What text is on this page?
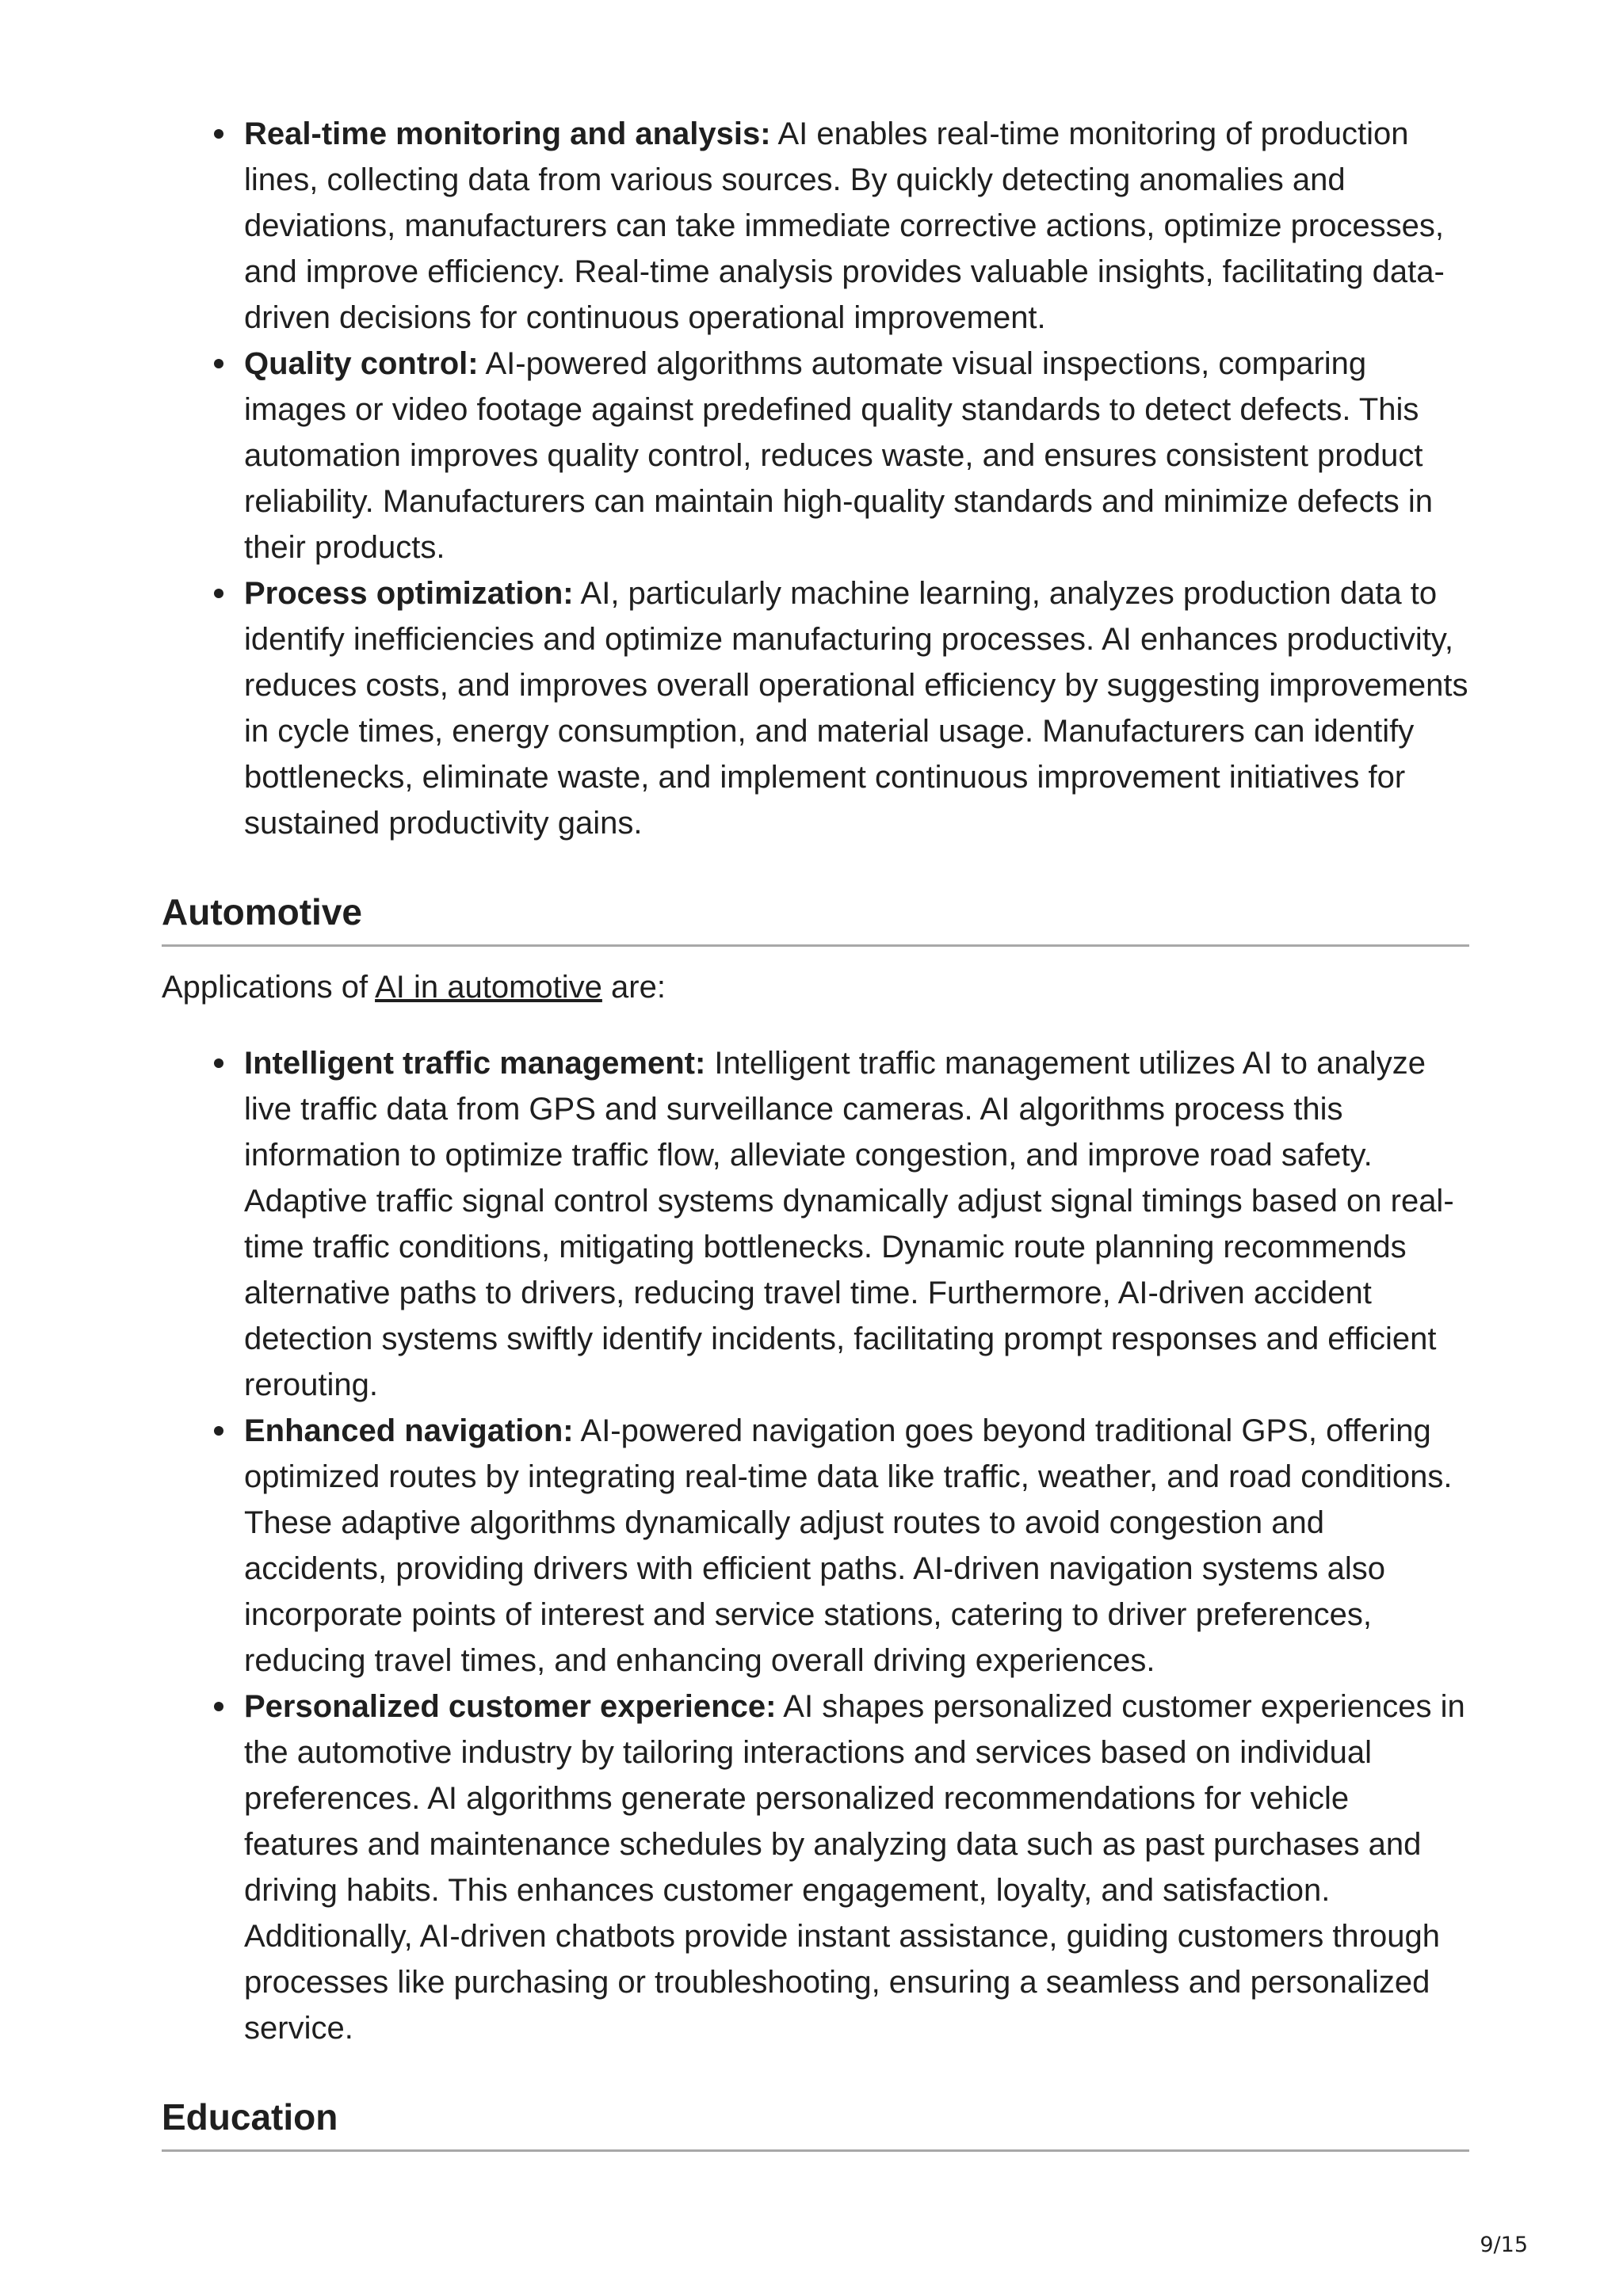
Real-time monitoring and analysis: AI enables real-time monitoring of production lines, collecting data from various sources. By quickly detecting anomalies and deviations, manufacturers can take immediate corrective actions, optimize processes, and improve efficiency. Real-time analysis provides valuable insights, facilitating data-driven decisions for continuous operational improvement.
Quality control: AI-powered algorithms automate visual inspections, comparing images or video footage against predefined quality standards to detect defects. This automation improves quality control, reduces waste, and ensures consistent product reliability. Manufacturers can maintain high-quality standards and minimize defects in their products.
Process optimization: AI, particularly machine learning, analyzes production data to identify inefficiencies and optimize manufacturing processes. AI enhances productivity, reduces costs, and improves overall operational efficiency by suggesting improvements in cycle times, energy consumption, and material usage. Manufacturers can identify bottlenecks, eliminate waste, and implement continuous improvement initiatives for sustained productivity gains.
Automotive

Applications of AI in automotive are:

Intelligent traffic management: Intelligent traffic management utilizes AI to analyze live traffic data from GPS and surveillance cameras. AI algorithms process this information to optimize traffic flow, alleviate congestion, and improve road safety. Adaptive traffic signal control systems dynamically adjust signal timings based on real-time traffic conditions, mitigating bottlenecks. Dynamic route planning recommends alternative paths to drivers, reducing travel time. Furthermore, AI-driven accident detection systems swiftly identify incidents, facilitating prompt responses and efficient rerouting.
Enhanced navigation: AI-powered navigation goes beyond traditional GPS, offering optimized routes by integrating real-time data like traffic, weather, and road conditions. These adaptive algorithms dynamically adjust routes to avoid congestion and accidents, providing drivers with efficient paths. AI-driven navigation systems also incorporate points of interest and service stations, catering to driver preferences, reducing travel times, and enhancing overall driving experiences.
Personalized customer experience: AI shapes personalized customer experiences in the automotive industry by tailoring interactions and services based on individual preferences. AI algorithms generate personalized recommendations for vehicle features and maintenance schedules by analyzing data such as past purchases and driving habits. This enhances customer engagement, loyalty, and satisfaction. Additionally, AI-driven chatbots provide instant assistance, guiding customers through processes like purchasing or troubleshooting, ensuring a seamless and personalized service.
Education
9/15
